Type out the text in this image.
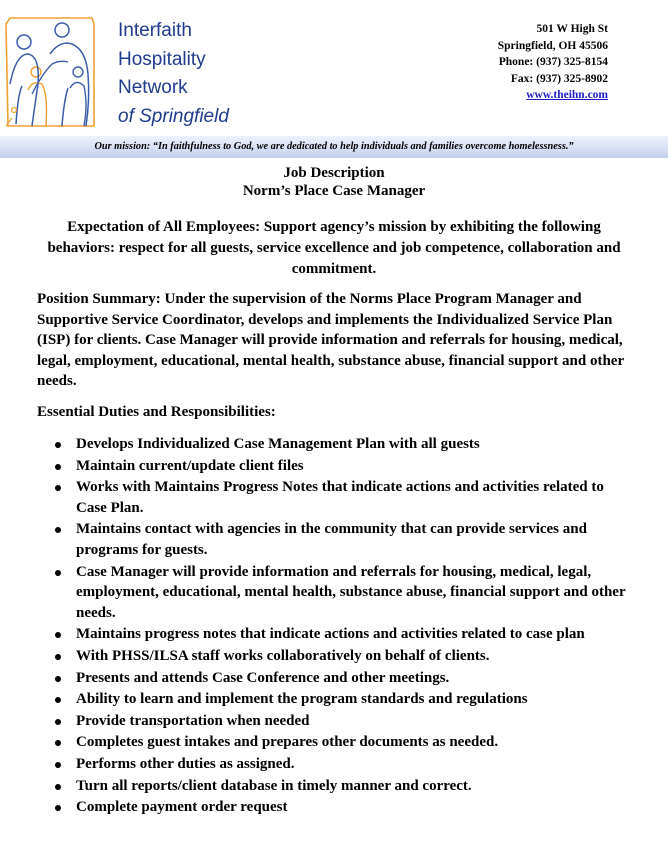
Interfaith
Hospitality
Network
of Springfield
501 W High St
Springfield, OH 45506
Phone: (937) 325-8154
Fax: (937) 325-8902
www.theihn.com
Our mission: “In faithfulness to God, we are dedicated to help individuals and families overcome homelessness.”
Job Description
Norm’s Place Case Manager
Expectation of All Employees: Support agency’s mission by exhibiting the following behaviors: respect for all guests, service excellence and job competence, collaboration and commitment.
Position Summary: Under the supervision of the Norms Place Program Manager and Supportive Service Coordinator, develops and implements the Individualized Service Plan (ISP) for clients. Case Manager will provide information and referrals for housing, medical, legal, employment, educational, mental health, substance abuse, financial support and other needs.
Essential Duties and Responsibilities:
Develops Individualized Case Management Plan with all guests
Maintain current/update client files
Works with Maintains Progress Notes that indicate actions and activities related to Case Plan.
Maintains contact with agencies in the community that can provide services and programs for guests.
Case Manager will provide information and referrals for housing, medical, legal, employment, educational, mental health, substance abuse, financial support and other needs.
Maintains progress notes that indicate actions and activities related to case plan
With PHSS/ILSA staff works collaboratively on behalf of clients.
Presents and attends Case Conference and other meetings.
Ability to learn and implement the program standards and regulations
Provide transportation when needed
Completes guest intakes and prepares other documents as needed.
Performs other duties as assigned.
Turn all reports/client database in timely manner and correct.
Complete payment order request
